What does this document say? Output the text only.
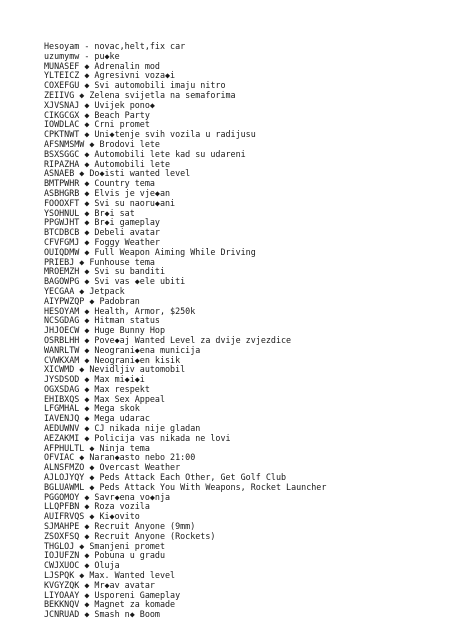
Hesoyam - novac,helt,fix car
uzumymw - pu◆ke
MUNASEF ◆ Adrenalin mod
YLTEICZ ◆ Agresivni voza◆i
COXEFGU ◆ Svi automobili imaju nitro
ZEIIVG ◆ Zelena svijetla na semaforima
XJVSNAJ ◆ Uvijek pono◆
CIKGCGX ◆ Beach Party
IOWDLAC ◆ Crni promet
CPKTNWT ◆ Uni◆tenje svih vozila u radijusu
AFSNMSMW ◆ Brodovi lete
BSXSGGC ◆ Automobili lete kad su udareni
RIPAZHA ◆ Automobili lete
ASNAEB ◆ Do◆isti wanted level
BMTPWHR ◆ Country tema
ASBHGRB ◆ Elvis je vje◆an
FOOOXFT ◆ Svi su naoru◆ani
YSOHNUL ◆ Br◆i sat
PPGWJHT ◆ Br◆i gameplay
BTCDBCB ◆ Debeli avatar
CFVFGMJ ◆ Foggy Weather
OUIQDMW ◆ Full Weapon Aiming While Driving
PRIEBJ ◆ Funhouse tema
MROEMZH ◆ Svi su banditi
BAGOWPG ◆ Svi vas ◆ele ubiti
YECGAA ◆ Jetpack
AIYPWZQP ◆ Padobran
HESOYAM ◆ Health, Armor, $250k
NCSGDAG ◆ Hitman status
JHJOECW ◆ Huge Bunny Hop
OSRBLHH ◆ Pove◆aj Wanted Level za dvije zvjezdice
WANRLTW ◆ Neograni◆ena municija
CVWKXAM ◆ Neograni◆en kisik
XICWMD ◆ Nevidljiv automobil
JYSDSOD ◆ Max mi◆i◆i
OGXSDAG ◆ Max respekt
EHIBXQS ◆ Max Sex Appeal
LFGMHAL ◆ Mega skok
IAVENJQ ◆ Mega udarac
AEDUWNV ◆ CJ nikada nije gladan
AEZAKMI ◆ Policija vas nikada ne lovi
AFPHULTL ◆ Ninja tema
OFVIAC ◆ Naran◆asto nebo 21:00
ALNSFMZO ◆ Overcast Weather
AJLOJYQY ◆ Peds Attack Each Other, Get Golf Club
BGLUAWML ◆ Peds Attack You With Weapons, Rocket Launcher
PGGOMOY ◆ Savr◆ena vo◆nja
LLQPFBN ◆ Roza vozila
AUIFRVQS ◆ Ki◆ovito
SJMAHPE ◆ Recruit Anyone (9mm)
ZSOXFSQ ◆ Recruit Anyone (Rockets)
THGLOJ ◆ Smanjeni promet
IOJUFZN ◆ Pobuna u gradu
CWJXUOC ◆ Oluja
LJSPQK ◆ Max. Wanted level
KVGYZQK ◆ Mr◆av avatar
LIYOAAY ◆ Usporeni Gameplay
BEKKNQV ◆ Magnet za komade
JCNRUAD ◆ Smash n◆ Boom
